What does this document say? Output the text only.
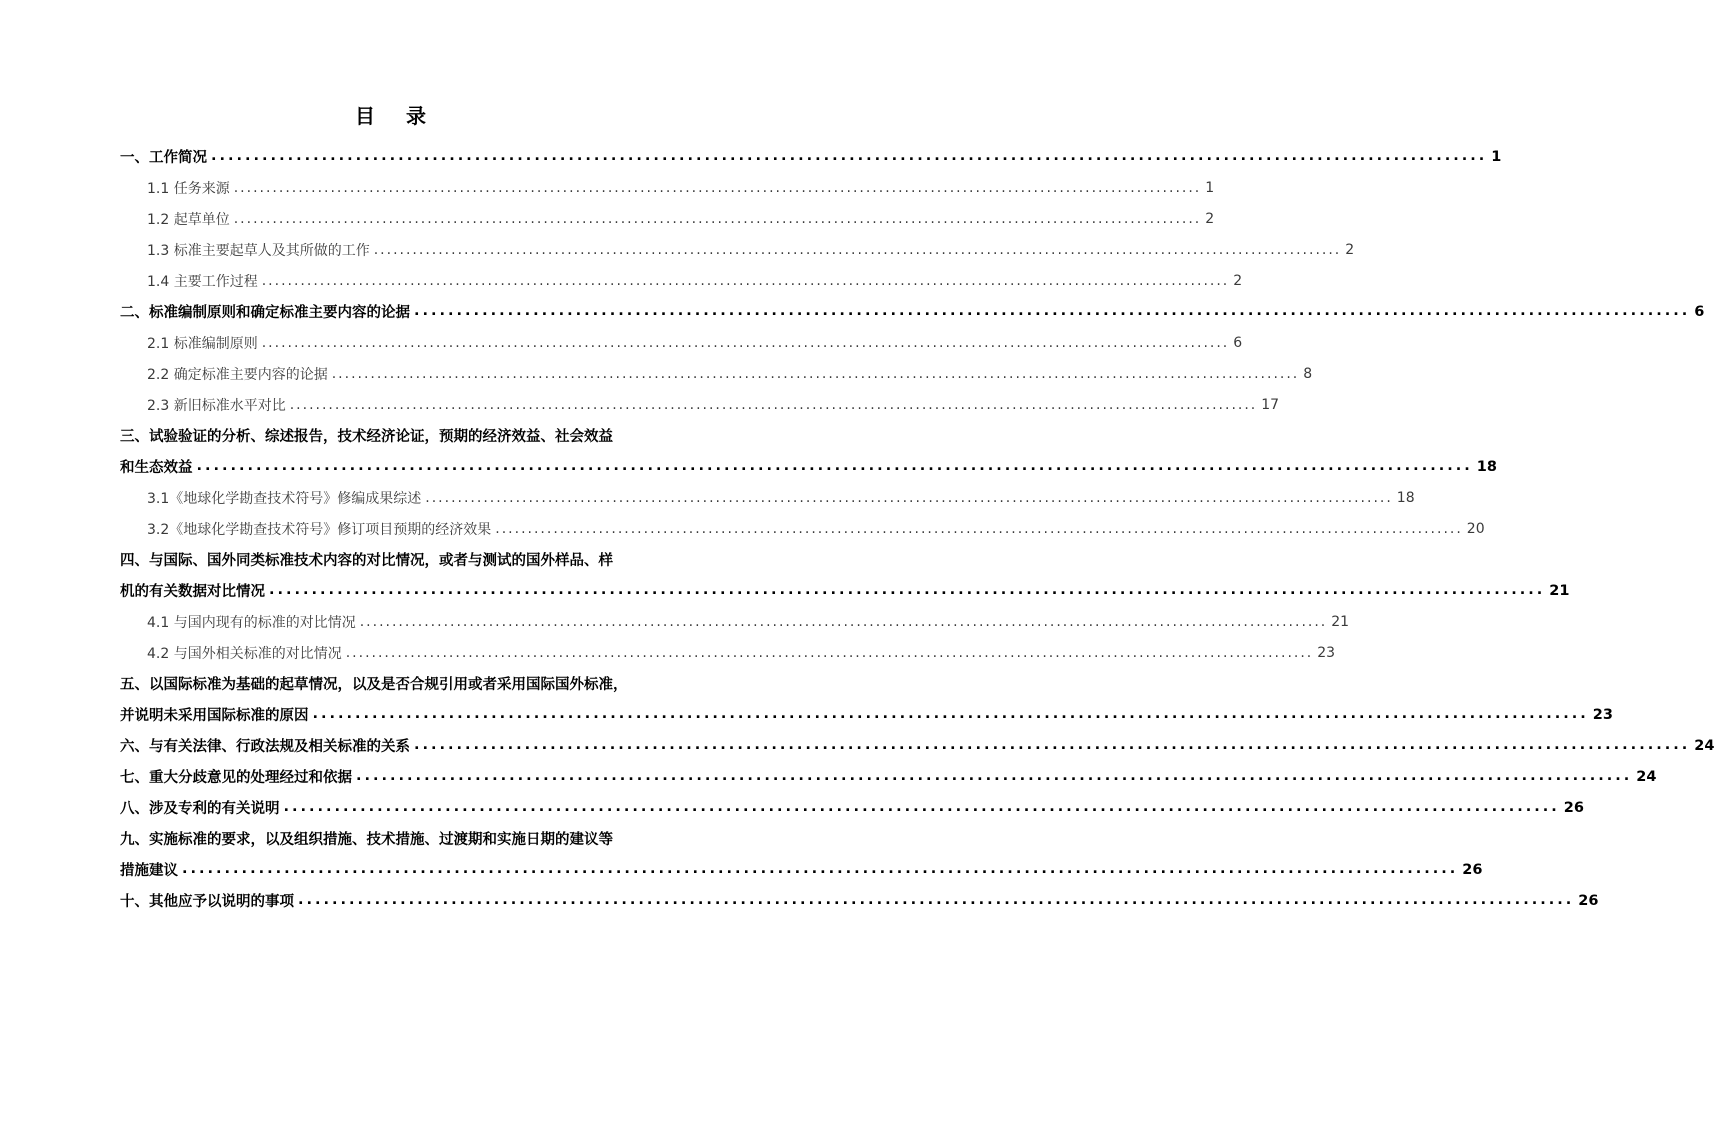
目 录
一、工作简况 ...................................................................................................................................................... 1
1.1 任务来源 ...................................................................................................................................................... 1
1.2 起草单位 ...................................................................................................................................................... 2
1.3 标准主要起草人及其所做的工作 ...................................................................................................................................................... 2
1.4 主要工作过程 ...................................................................................................................................................... 2
二、标准编制原则和确定标准主要内容的论据 ...................................................................................................................................................... 6
2.1 标准编制原则 ...................................................................................................................................................... 6
2.2 确定标准主要内容的论据 ...................................................................................................................................................... 8
2.3 新旧标准水平对比 ...................................................................................................................................................... 17
三、试验验证的分析、综述报告，技术经济论证，预期的经济效益、社会效益
和生态效益 ...................................................................................................................................................... 18
3.1《地球化学勘查技术符号》修编成果综述 ...................................................................................................................................................... 18
3.2《地球化学勘查技术符号》修订项目预期的经济效果 ...................................................................................................................................................... 20
四、与国际、国外同类标准技术内容的对比情况，或者与测试的国外样品、样
机的有关数据对比情况 ...................................................................................................................................................... 21
4.1 与国内现有的标准的对比情况 ...................................................................................................................................................... 21
4.2 与国外相关标准的对比情况 ...................................................................................................................................................... 23
五、以国际标准为基础的起草情况，以及是否合规引用或者采用国际国外标准，
并说明未采用国际标准的原因 ...................................................................................................................................................... 23
六、与有关法律、行政法规及相关标准的关系 ...................................................................................................................................................... 24
七、重大分歧意见的处理经过和依据 ...................................................................................................................................................... 24
八、涉及专利的有关说明 ...................................................................................................................................................... 26
九、实施标准的要求，以及组织措施、技术措施、过渡期和实施日期的建议等
措施建议 ...................................................................................................................................................... 26
十、其他应予以说明的事项 ...................................................................................................................................................... 26
